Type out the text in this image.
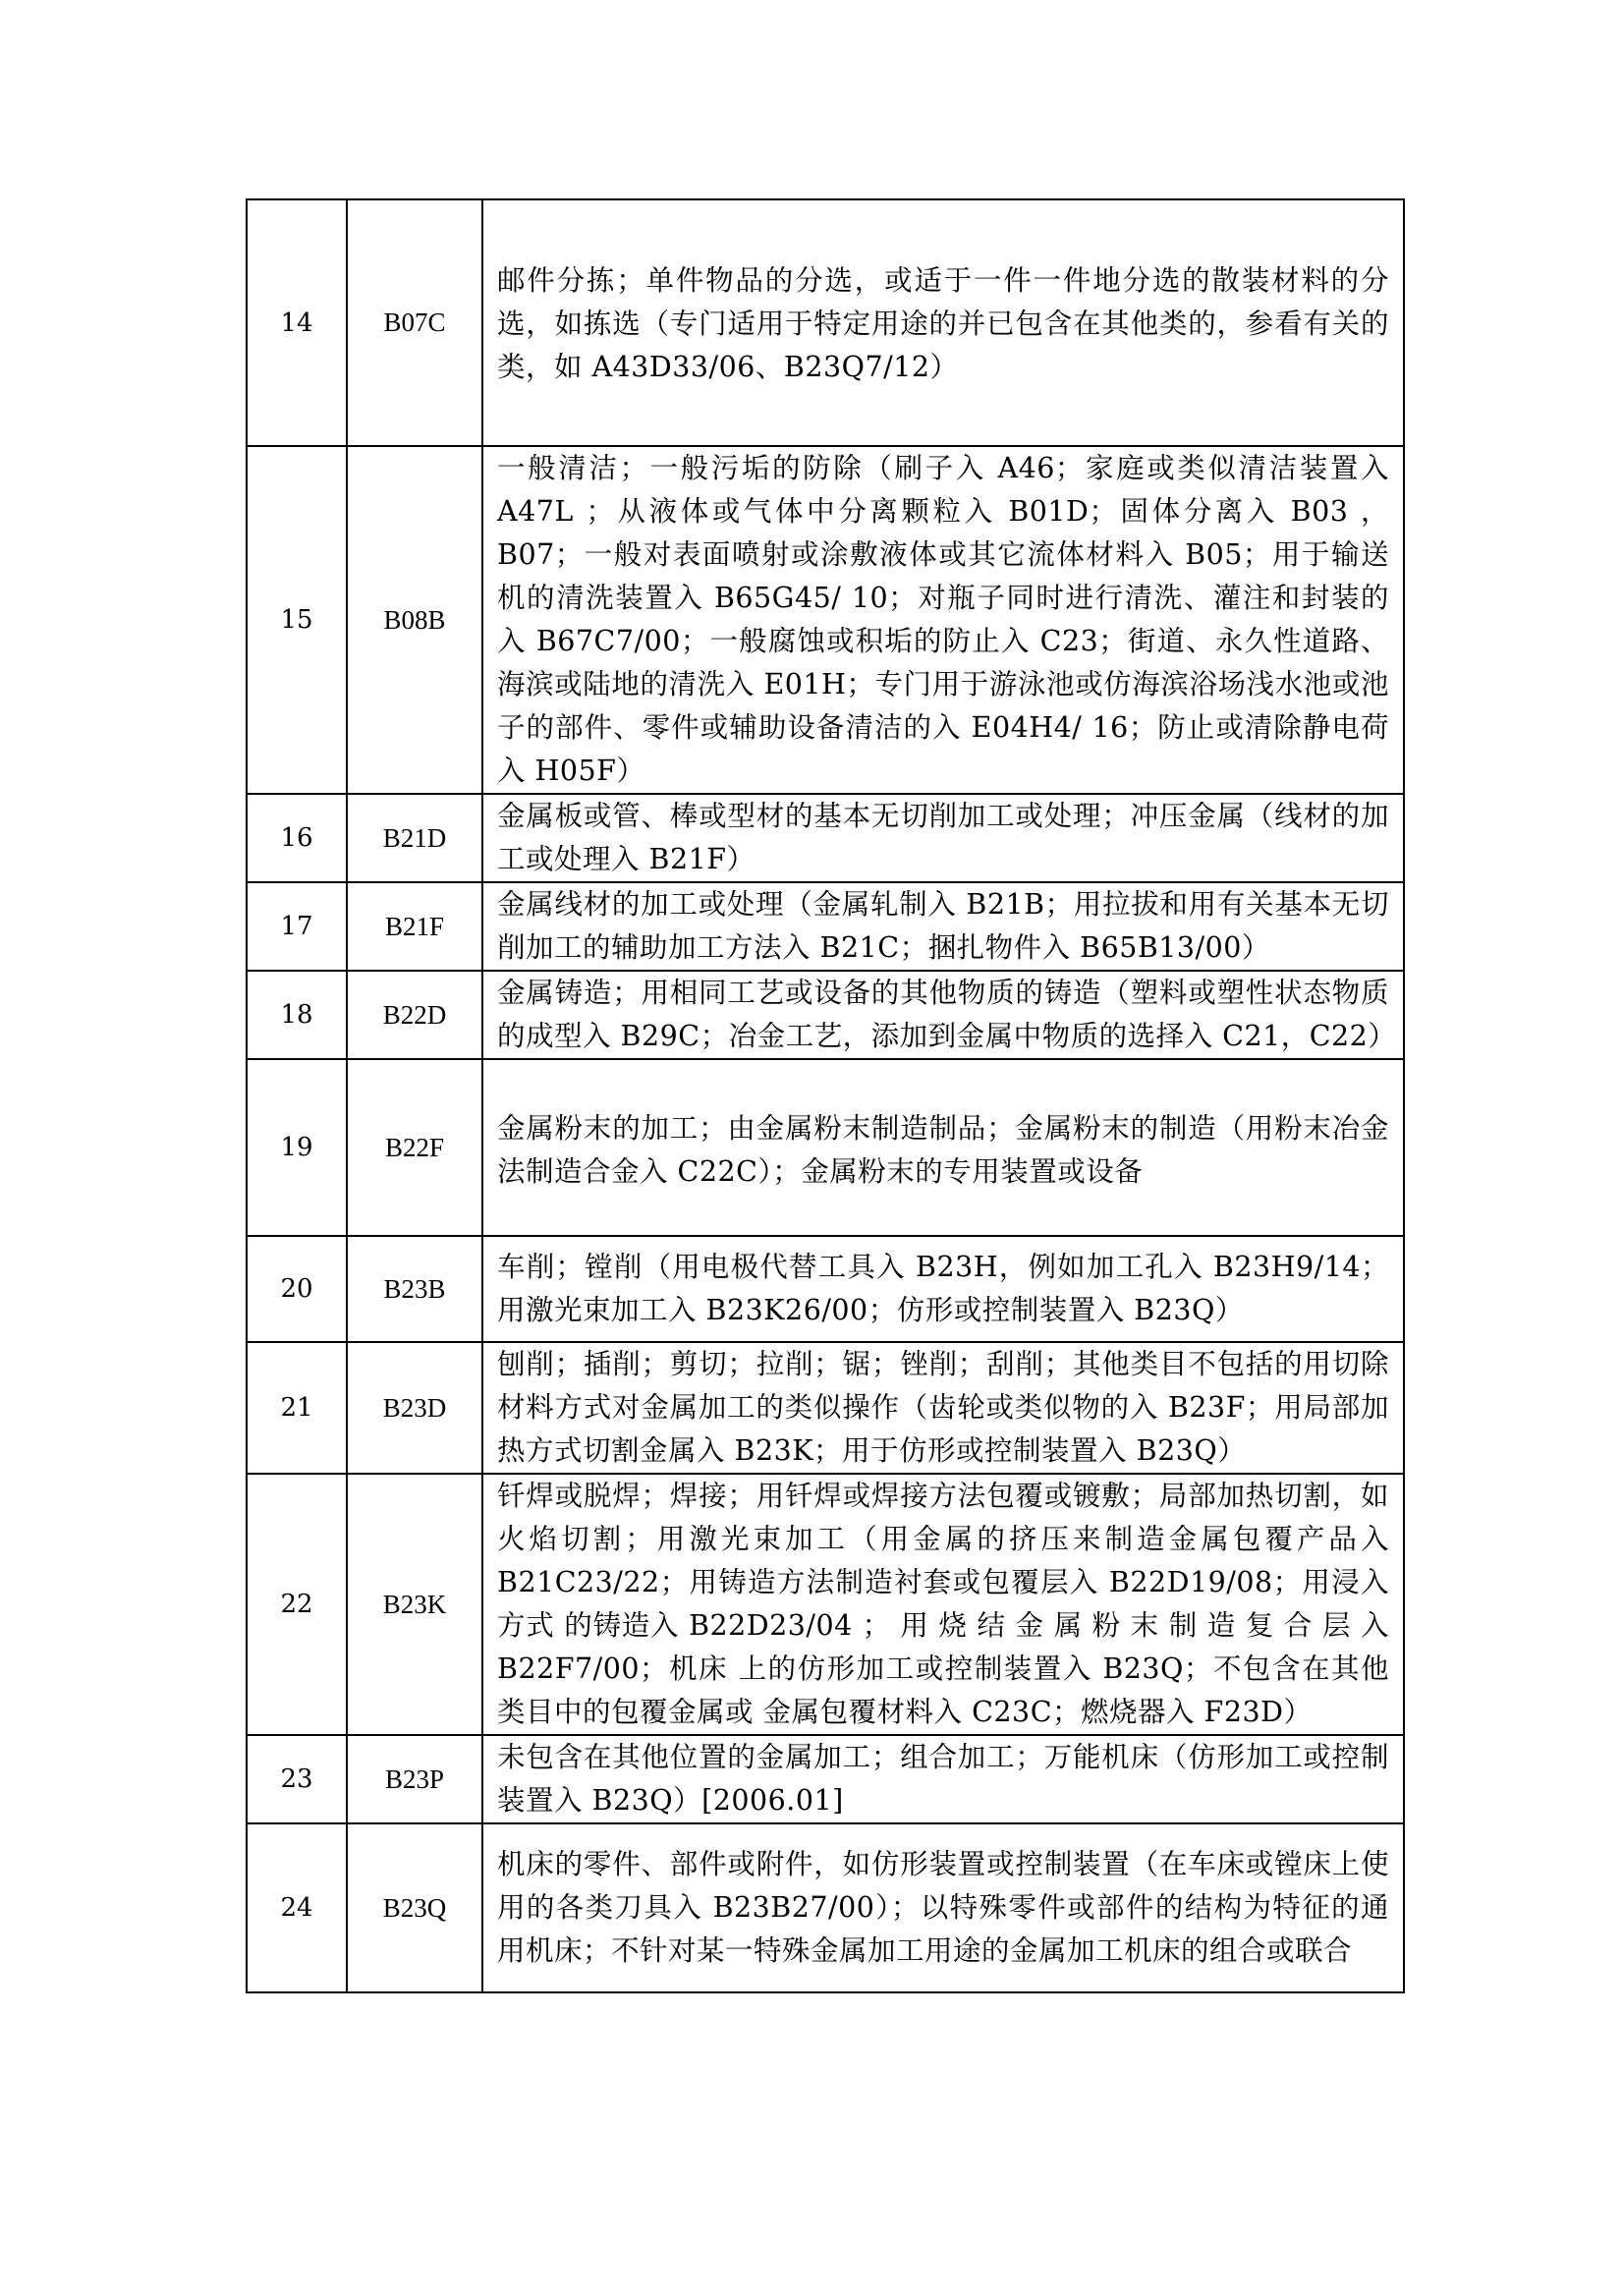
14	B07C	邮件分拣；单件物品的分选，或适于一件一件地分选的散装材料的分选，如拣选（专门适用于特定用途的并已包含在其他类的，参看有关的类，如 A43D33/06、B23Q7/12）
15	B08B	一般清洁；一般污垢的防除（刷子入 A46；家庭或类似清洁装置入 A47L ；从液体或气体中分离颗粒入 B01D；固体分离入 B03 ，B07；一般对表面喷射或涂敷液体或其它流体材料入 B05；用于输送机的清洗装置入 B65G45/ 10；对瓶子同时进行清洗、灌注和封装的入 B67C7/00；一般腐蚀或积垢的防止入 C23；街道、永久性道路、海滨或陆地的清洗入 E01H；专门用于游泳池或仿海滨浴场浅水池或池子的部件、零件或辅助设备清洁的入 E04H4/ 16；防止或清除静电荷入 H05F）
16	B21D	金属板或管、棒或型材的基本无切削加工或处理；冲压金属（线材的加工或处理入 B21F）
17	B21F	金属线材的加工或处理（金属轧制入 B21B；用拉拔和用有关基本无切削加工的辅助加工方法入 B21C；捆扎物件入 B65B13/00）
18	B22D	金属铸造；用相同工艺或设备的其他物质的铸造（塑料或塑性状态物质的成型入 B29C；冶金工艺，添加到金属中物质的选择入 C21，C22）
19	B22F	金属粉末的加工；由金属粉末制造制品；金属粉末的制造（用粉末冶金法制造合金入 C22C）；金属粉末的专用装置或设备
20	B23B	车削；镗削（用电极代替工具入 B23H，例如加工孔入 B23H9/14；用激光束加工入 B23K26/00；仿形或控制装置入 B23Q）
21	B23D	刨削；插削；剪切；拉削；锯；锉削；刮削；其他类目不包括的用切除材料方式对金属加工的类似操作（齿轮或类似物的入 B23F；用局部加热方式切割金属入 B23K；用于仿形或控制装置入 B23Q）
22	B23K	钎焊或脱焊；焊接；用钎焊或焊接方法包覆或镀敷；局部加热切割，如火焰切割；用激光束加工（用金属的挤压来制造金属包覆产品入 B21C23/22；用铸造方法制造衬套或包覆层入 B22D19/08；用浸入方式 的铸造入 B22D23/04 ； 用 烧 结 金 属 粉 末 制 造 复 合 层 入 B22F7/00；机床 上的仿形加工或控制装置入 B23Q；不包含在其他类目中的包覆金属或 金属包覆材料入 C23C；燃烧器入 F23D）
23	B23P	未包含在其他位置的金属加工；组合加工；万能机床（仿形加工或控制装置入 B23Q）[2006.01]
24	B23Q	机床的零件、部件或附件，如仿形装置或控制装置（在车床或镗床上使用的各类刀具入 B23B27/00）；以特殊零件或部件的结构为特征的通用机床；不针对某一特殊金属加工用途的金属加工机床的组合或联合
